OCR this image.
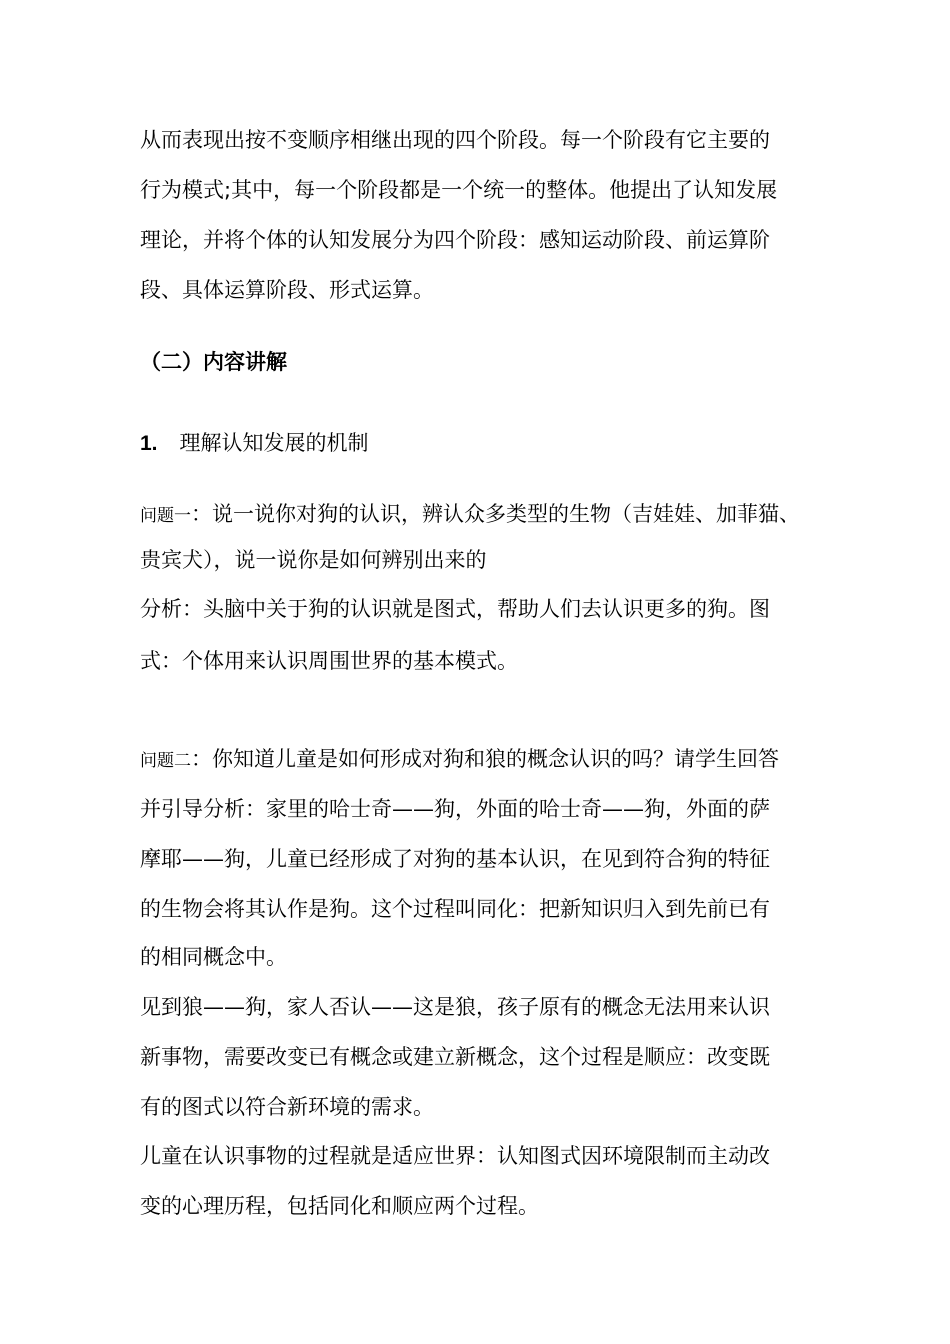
从而表现出按不变顺序相继出现的四个阶段。每一个阶段有它主要的
行为模式;其中，每一个阶段都是一个统一的整体。他提出了认知发展
理论，并将个体的认知发展分为四个阶段：感知运动阶段、前运算阶
段、具体运算阶段、形式运算。
（二）内容讲解
1. 理解认知发展的机制
问题一：说一说你对狗的认识，辨认众多类型的生物（吉娃娃、加菲猫、
贵宾犬），说一说你是如何辨别出来的
分析：头脑中关于狗的认识就是图式，帮助人们去认识更多的狗。图
式：个体用来认识周围世界的基本模式。
问题二：你知道儿童是如何形成对狗和狼的概念认识的吗？请学生回答
并引导分析：家里的哈士奇——狗，外面的哈士奇——狗，外面的萨
摩耶——狗，儿童已经形成了对狗的基本认识，在见到符合狗的特征
的生物会将其认作是狗。这个过程叫同化：把新知识归入到先前已有
的相同概念中。
见到狼——狗，家人否认——这是狼，孩子原有的概念无法用来认识
新事物，需要改变已有概念或建立新概念，这个过程是顺应：改变既
有的图式以符合新环境的需求。
儿童在认识事物的过程就是适应世界：认知图式因环境限制而主动改
变的心理历程，包括同化和顺应两个过程。
